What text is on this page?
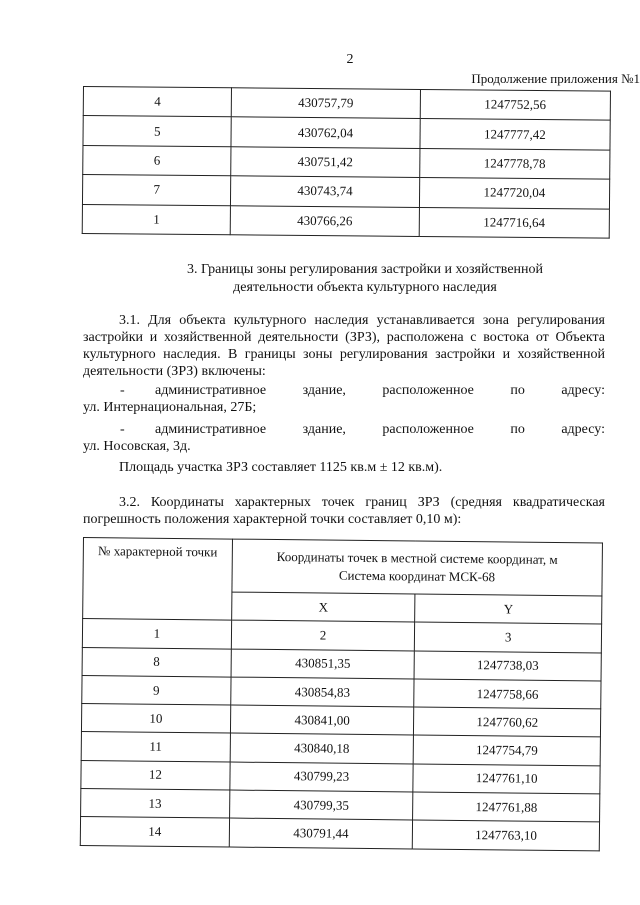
2
Продолжение приложения №1
4	430757,79	1247752,56
5	430762,04	1247777,42
6	430751,42	1247778,78
7	430743,74	1247720,04
1	430766,26	1247716,64
3. Границы зоны регулирования застройки и хозяйственной
деятельности объекта культурного наследия
3.1. Для объекта культурного наследия устанавливается зона регулирования застройки и хозяйственной деятельности (ЗРЗ), расположена с востока от Объекта культурного наследия. В границы зоны регулирования застройки и хозяйственной деятельности (ЗРЗ) включены:
- административное	здание,	расположенное	по	адресу:
ул. Интернациональная, 27Б;
- административное	здание,	расположенное	по	адресу:
ул. Носовская, 3д.
Площадь участка ЗРЗ составляет 1125 кв.м ± 12 кв.м).
3.2. Координаты характерных точек границ ЗРЗ (средняя квадратическая погрешность положения характерной точки составляет 0,10 м):
№ характерной точки	Координаты точек в местной системе координат, м
Система координат МСК-68	

	X	Y
1	2	3
8	430851,35	1247738,03
9	430854,83	1247758,66
10	430841,00	1247760,62
11	430840,18	1247754,79
12	430799,23	1247761,10
13	430799,35	1247761,88
14	430791,44	1247763,10
